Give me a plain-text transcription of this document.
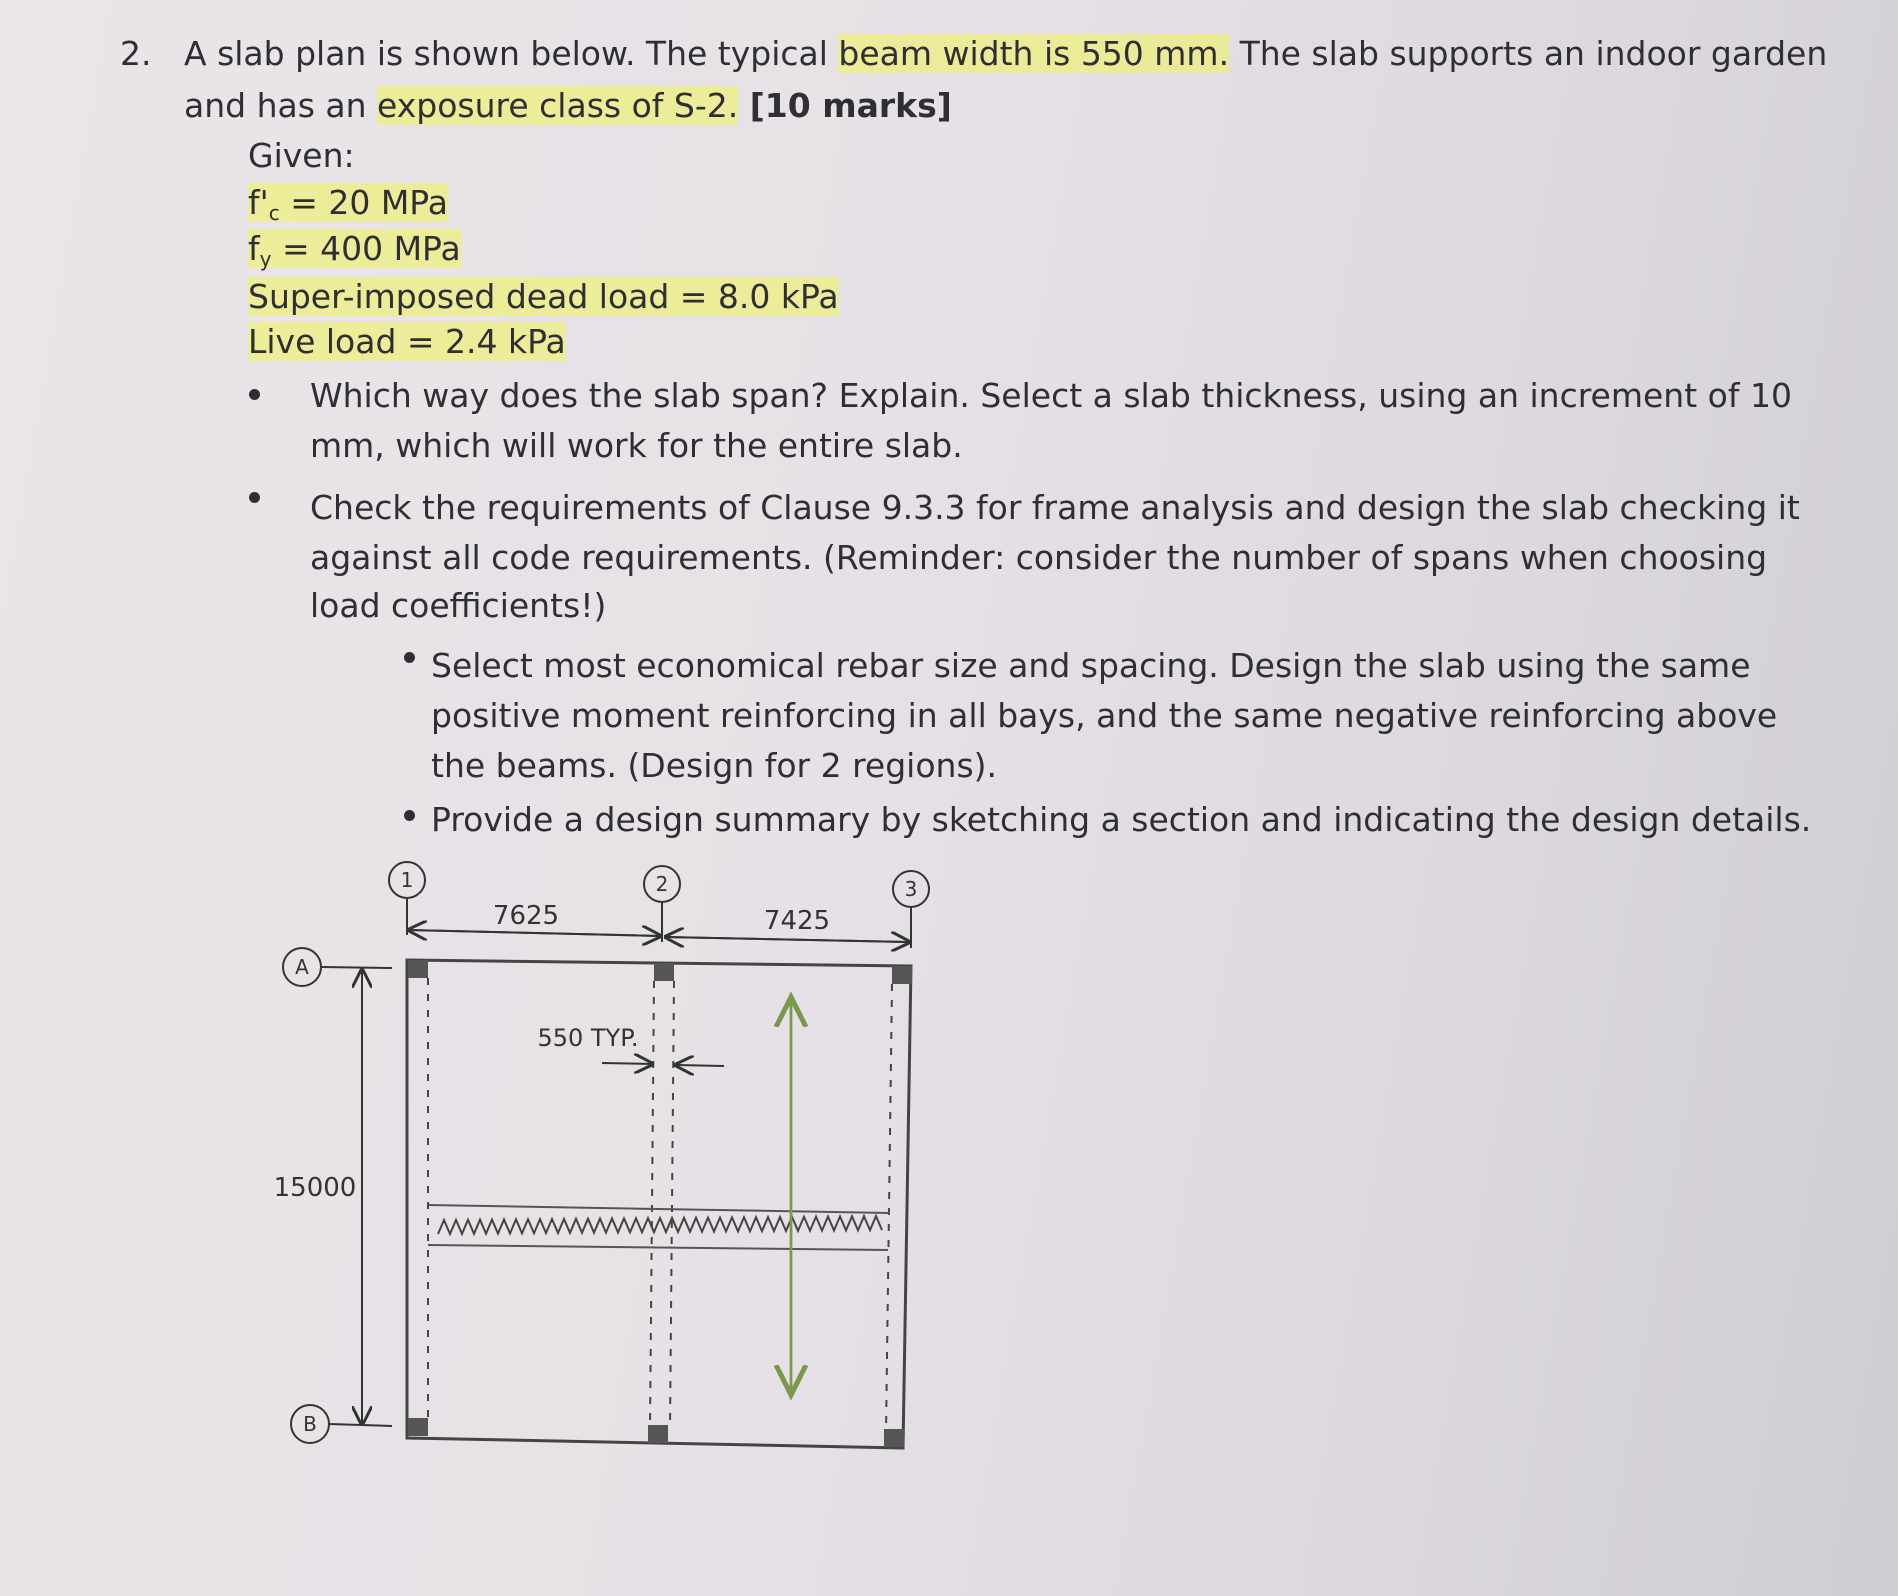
2. A slab plan is shown below. The typical beam width is 550 mm. The slab supports an indoor garden
and has an exposure class of S-2. [10 marks]
Given:
$f'_c = 20$ MPa
$f_y = 400$ MPa
Super-imposed dead load = 8.0 kPa
Live load = 2.4 kPa
Which way does the slab span? Explain. Select a slab thickness, using an increment of 10
mm, which will work for the entire slab.
Check the requirements of Clause 9.3.3 for frame analysis and design the slab checking it
against all code requirements. (Reminder: consider the number of spans when choosing
load coefficients!)
Select most economical rebar size and spacing. Design the slab using the same
positive moment reinforcing in all bays, and the same negative reinforcing above
the beams. (Design for 2 regions).
Provide a design summary by sketching a section and indicating the design details.
1	2	3
7625	7425
A
B
15000
550 TYP.
